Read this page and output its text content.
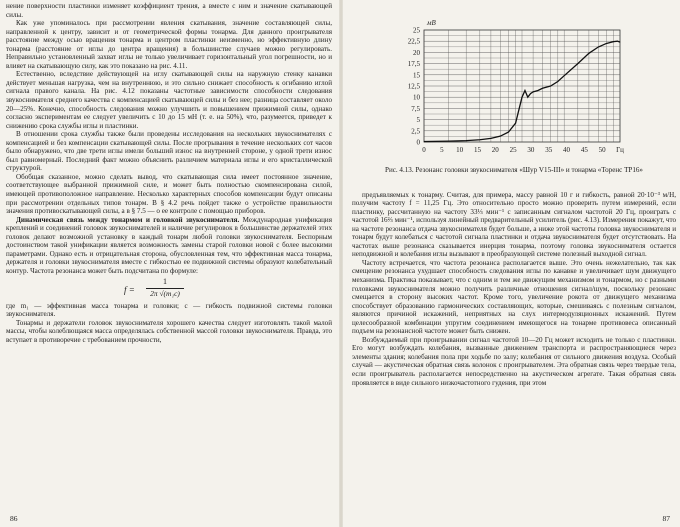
нение поверхности пластинки изменяет коэффициент трения, а вместе с ним и значение скатывающей силы.

Как уже упоминалось при рассмотрении явления скатывания, значение составляющей силы, направленной к центру, зависит и от геометрической формы тонарма. Для данного проигрывателя расстояние между осью вращения тонарма и центром пластинки неизменно, но эффективную длину тонарма (расстояние от иглы до центра вращения) в большинстве случаев можно регулировать. Неправильно установленный захват иглы не только увеличивает горизонтальный угол погрешности, но и влияет на скатывающую силу, как это показано на рис. 4.11.

Естественно, вследствие действующей на иглу скатывающей силы на наружную стенку канавки действует меньшая нагрузка, чем на внутреннюю, и это сильно снижает способность к огибанию иглой сигнала правого канала. На рис. 4.12 показаны частотные зависимости способности следования звукоснимателя среднего качества с компенсацией скатывающей силы и без нее; разница составляет около 20—25%. Конечно, способность следования можно улучшить и повышением прижимной силы, однако согласно экспериментам ее следует увеличить с 10 до 15 мН (т. е. на 50%), что, разумеется, приведет к снижению срока службы иглы и пластинки.

В отношении срока службы также были проведены исследования на нескольких звукоснимателях с компенсацией и без компенсации скатывающей силы. После прогрывания в течение нескольких сот часов было обнаружено, что две трети иглы имели больший износ на внутренней стороне, у одной трети износ был равномерный. Последний факт можно объяснить различием материала иглы и его кристаллической структурой.

Обобщая сказанное, можно сделать вывод, что скатывающая сила имеет постоянное значение, соответствующее выбранной прижимной силе, и может быть полностью скомпенсирована силой, имеющей противоположное направление. Несколько характерных способов компенсации будут описаны при рассмотрении отдельных типов тонарм. В § 4.2 речь пойдет также о устройстве правильности значения противоскатывающей силы, а в § 7.5 — о ее контроле с помощью приборов.

Динамическая связь между тонармом и головкой звукоснимателя. Международная унификация креплений и соединений головок звукоснимателей и наличие регулировок в большинстве держателей этих головок делают возможной установку в каждый тонарм любой головки звукоснимателя. Беспорным достоинством такой унификации является возможность замены старой головки новой с более высокими параметрами. Однако есть и отрицательная сторона, обусловленная тем, что эффективная масса тонарма, держателя и головки звукоснимателя вместе с гибкостью ее подвижной системы образуют колебательный контур. Частота резонанса может быть подсчитана по формуле:

f =
1
2π √(m₁c)

где m₁ — эффективная масса тонарма и головки; c — гибкость подвижной системы головки звукоснимателя.

Тонармы и держатели головок звукоснимателя хорошего качества следует изготовлять такой малой массы, чтобы колеблющаяся масса определялась собственной массой головки звукоснимателя. Правда, это вступает в противоречие с требованием прочности,

86
0
2,5
5
7,5
10
12,5
15
17,5
20
22,5
25
мВ
0 5 10 15 20 25 30 35 40 45 50 Гц

Рис. 4.13. Резонанс головки звукоснимателя «Шур V15-III» и тонарма «Торенс ТР16»

предъявляемых к тонарму. Считая, для примера, массу равной 10 г и гибкость, равной 20·10⁻³ м/Н, получим частоту f = 11,25 Гц. Это относительно просто можно проверить путем измерений, если пластинку, рассчитанную на частоту 33⅓ мин⁻¹ с записанным сигналом частотой 20 Гц, проиграть с частотой 16⅔ мин⁻¹, используя линейный предварительный усилитель (рис. 4.13). Измерения покажут, что на частоте резонанса отдача звукоснимателя будет больше, а ниже этой частоты головка звукоснимателя и тонарм будут колебаться с частотой сигнала пластинки и отдача звукоснимателя будет отсутствовать. На частотах выше резонанса сказывается инерция тонарма, поэтому головка звукоснимателя остается неподвижной и колебания иглы вызывают в преобразующей системе полезный выходной сигнал.

Частоту встречается, что частота резонанса располагается выше. Это очень нежелательно, так как смещение резонанса ухудшает способность следования иглы по канавке и увеличивает шум движущего механизма. Практика показывает, что с одним и тем же движущим механизмом и тонармом, но с разными головками звукоснимателя можно получить различные отношения сигнал/шум, поскольку резонанс смещается в сторону высоких частот. Кроме того, увеличение рокота от движущего механизма способствует образованию гармонических составляющих, которые, смешиваясь с полезным сигналом, являются причиной искажений, неприятных на слух интермодуляционных искажений. Путем целесообразной комбинации упругим соединением имеющегося на тонарме противовеса описанный подъем на резонансной частоте может быть снижен.

Возбуждаемый при проигрывании сигнал частотой 10—20 Гц может исходить не только с пластинки. Его могут возбуждать колебания, вызванные движением транспорта и распространяющиеся через элементы здания; колебания пола при ходьбе по залу; колебания от сильного движения воздуха. Особый случай — акустическая обратная связь колонок с проигрывателем. Эта обратная связь через твердые тела, если проигрыватель располагается непосредственно на акустическом агрегате. Такая обратная связь проявляется в виде сильного низкочастотного гудения, при этом

87
